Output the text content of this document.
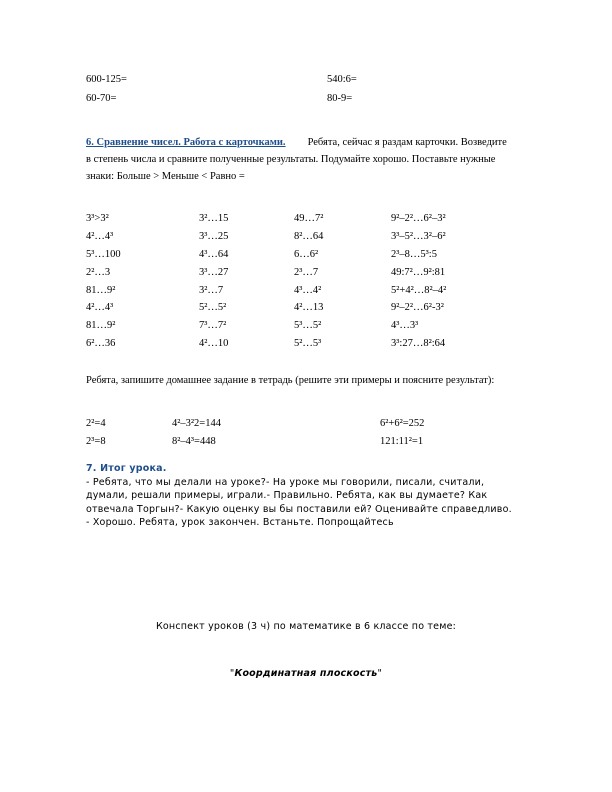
600-125=	540:6=
60-70=	80-9=
6. Сравнение чисел. Работа с карточками. Ребята, сейчас я раздам карточки. Возведите
в степень числа и сравните полученные результаты. Подумайте хорошо. Поставьте нужные
знаки: Больше > Меньше < Равно =
3³>3²	3²…15	49…7²	9²–2²…6²–3²
4²…4³	3³…25	8²…64	3³–5²…3²–6²
5³…100	4³…64	6…6²	2³–8…5³:5
2²…3	3³…27	2³…7	49:7²…9²:81
81…9²	3²…7	4³…4²	5²+4²…8²–4²
4²…4³	5²…5²	4²…13	9²–2²…6²-3²
81…9²	7³…7²	5³…5²	4³…3³
6²…36	4²…10	5²…5³	3³:27…8²:64
Ребята, запишите домашнее задание в тетрадь (решите эти примеры и поясните результат):
2²=4	4²–3²2=144	6²+6²=252
2³=8	8²–4³=448	121:11²=1
7. Итог урока.
- Ребята, что мы делали на уроке?- На уроке мы говорили, писали, считали,
думали, решали примеры, играли.- Правильно. Ребята, как вы думаете? Как
отвечала Торгын?- Какую оценку вы бы поставили ей? Оценивайте справедливо.
- Хорошо. Ребята, урок закончен. Встаньте. Попрощайтесь
Конспект уроков (3 ч) по математике в 6 классе по теме:
"Координатная плоскость"
